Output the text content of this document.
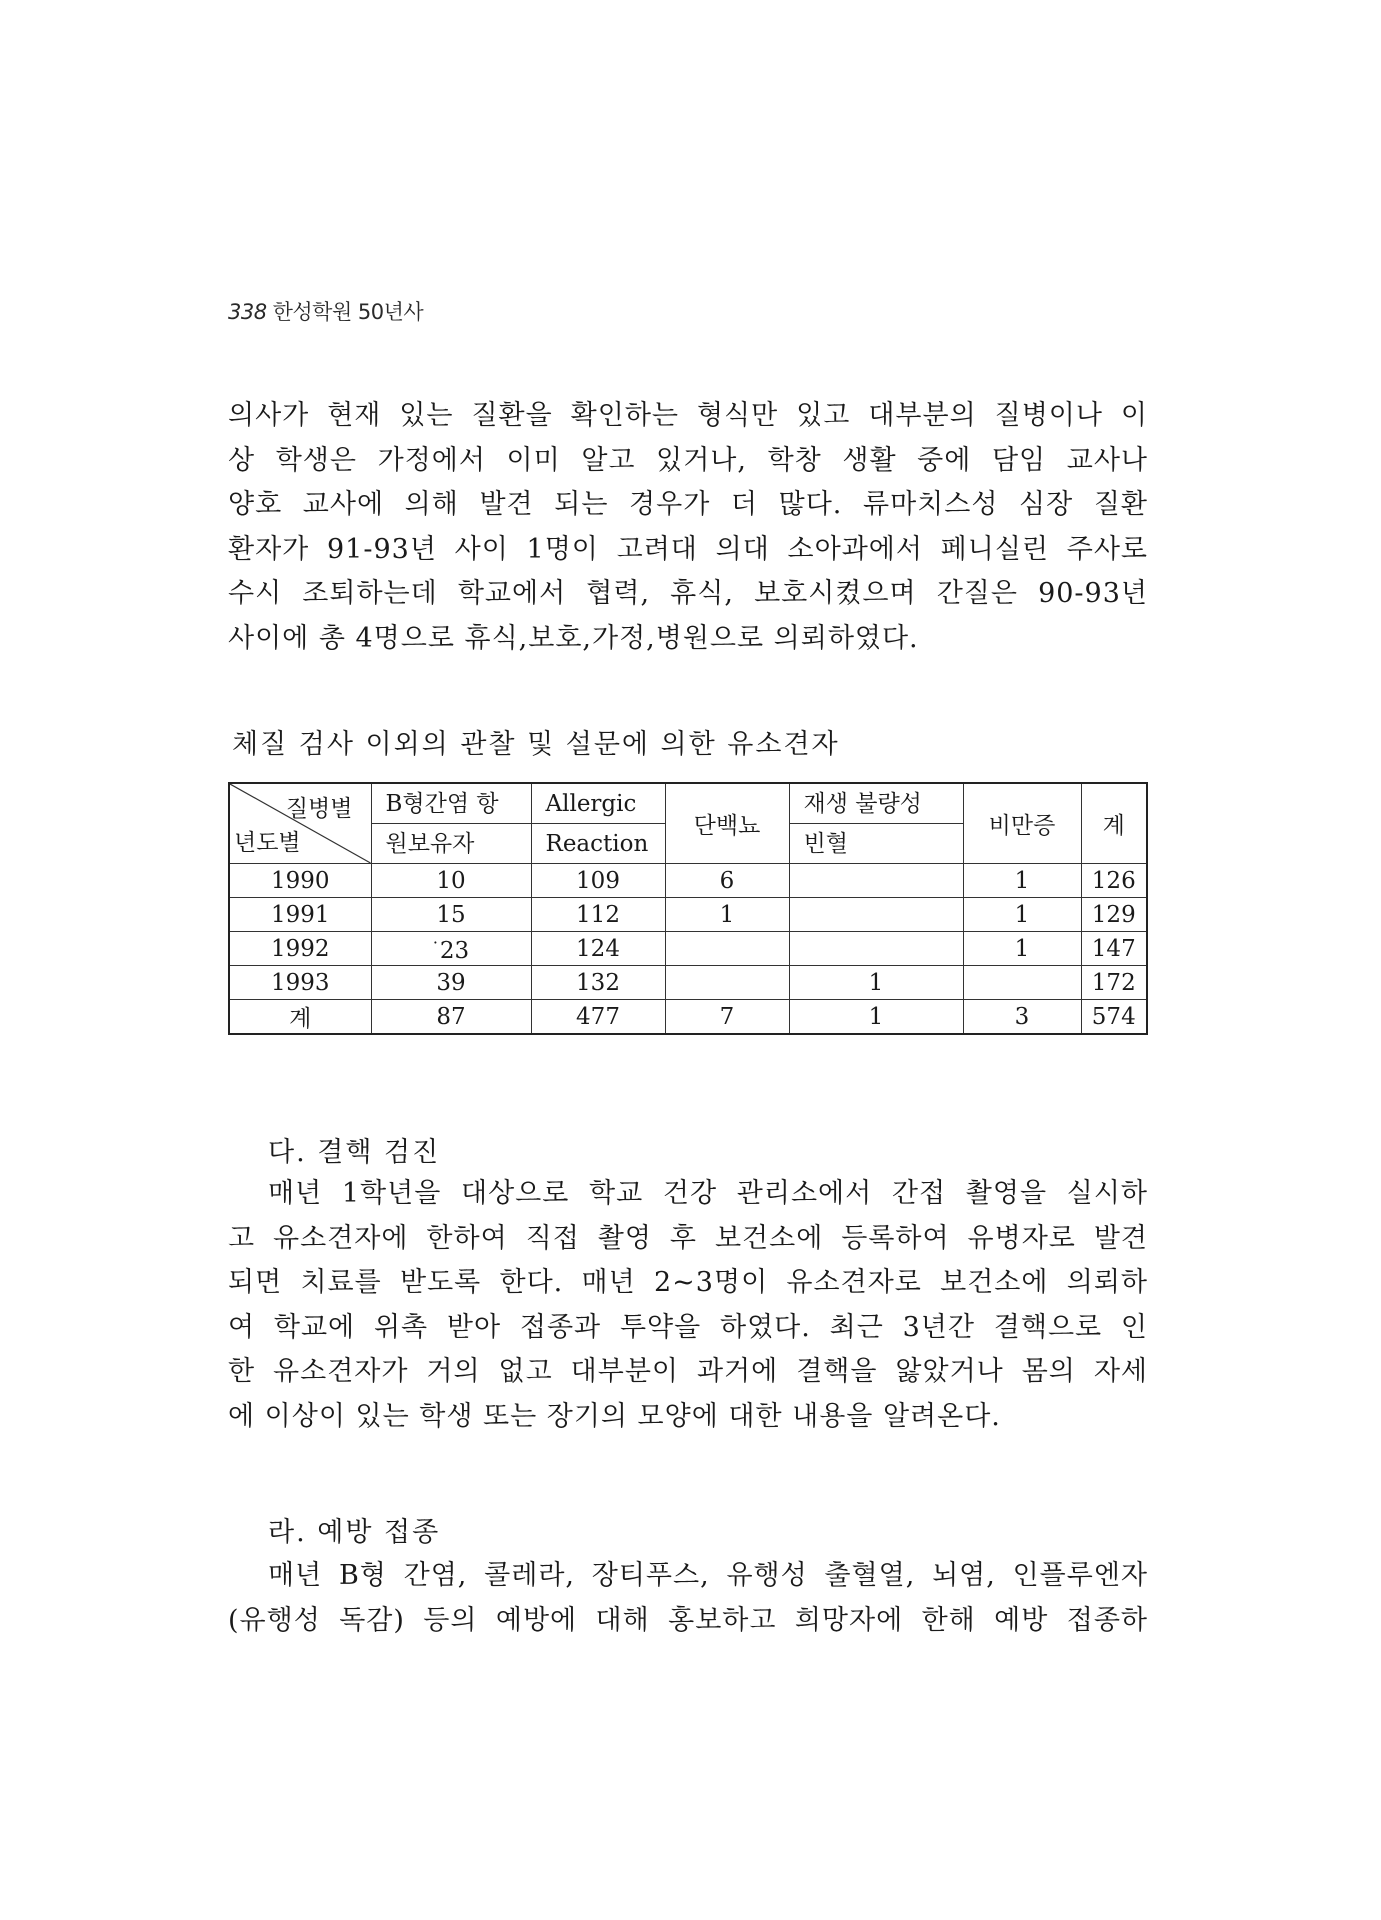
338 한성학원 50년사
의사가 현재 있는 질환을 확인하는 형식만 있고 대부분의 질병이나 이
상 학생은 가정에서 이미 알고 있거나, 학창 생활 중에 담임 교사나
양호 교사에 의해 발견 되는 경우가 더 많다. 류마치스성 심장 질환
환자가 91-93년 사이 1명이 고려대 의대 소아과에서 페니실린 주사로
수시 조퇴하는데 학교에서 협력, 휴식, 보호시켰으며 간질은 90-93년
사이에 총 4명으로 휴식,보호,가정,병원으로 의뢰하였다.
체질 검사 이외의 관찰 및 설문에 의한 유소견자
질병별
년도별	B형간염 항	Allergic	단백뇨	재생 불량성	비만증	계
	원보유자	Reaction		빈혈		
1990	10	109	6		1	126
1991	15	112	1		1	129
1992	·23	124			1	147
1993	39	132		1		172
계	87	477	7	1	3	574
다. 결핵 검진
매년 1학년을 대상으로 학교 건강 관리소에서 간접 촬영을 실시하
고 유소견자에 한하여 직접 촬영 후 보건소에 등록하여 유병자로 발견
되면 치료를 받도록 한다. 매년 2~3명이 유소견자로 보건소에 의뢰하
여 학교에 위촉 받아 접종과 투약을 하였다. 최근 3년간 결핵으로 인
한 유소견자가 거의 없고 대부분이 과거에 결핵을 앓았거나 몸의 자세
에 이상이 있는 학생 또는 장기의 모양에 대한 내용을 알려온다.
라. 예방 접종
매년 B형 간염, 콜레라, 장티푸스, 유행성 출혈열, 뇌염, 인플루엔자
(유행성 독감) 등의 예방에 대해 홍보하고 희망자에 한해 예방 접종하
